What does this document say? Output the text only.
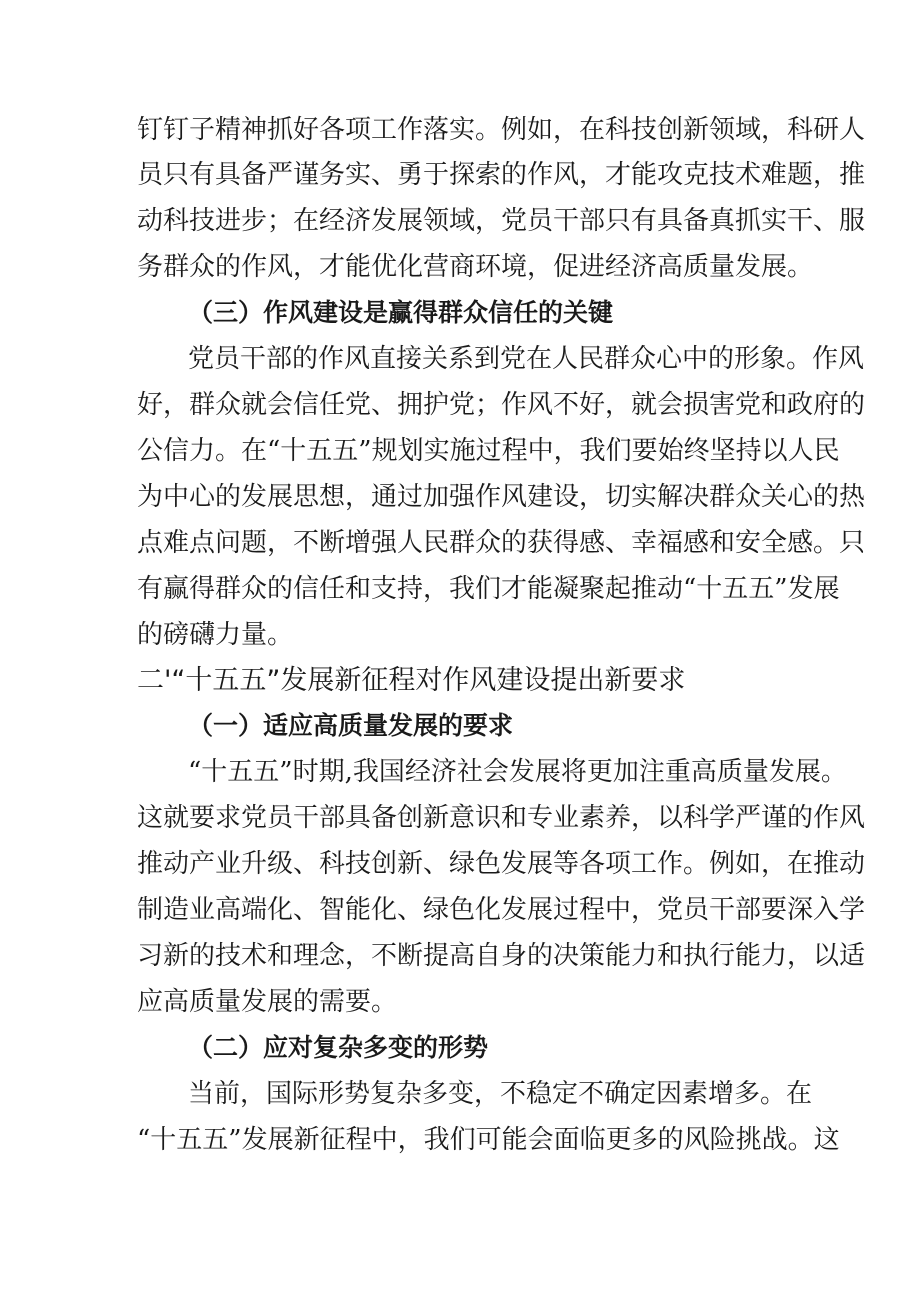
钉钉子精神抓好各项工作落实。例如，在科技创新领域，科研人
员只有具备严谨务实、勇于探索的作风，才能攻克技术难题，推
动科技进步；在经济发展领域，党员干部只有具备真抓实干、服
务群众的作风，才能优化营商环境，促进经济高质量发展。
（三）作风建设是赢得群众信任的关键
党员干部的作风直接关系到党在人民群众心中的形象。作风
好，群众就会信任党、拥护党；作风不好，就会损害党和政府的
公信力。在“十五五”规划实施过程中，我们要始终坚持以人民
为中心的发展思想，通过加强作风建设，切实解决群众关心的热
点难点问题，不断增强人民群众的获得感、幸福感和安全感。只
有赢得群众的信任和支持，我们才能凝聚起推动“十五五”发展
的磅礴力量。
二'“十五五”发展新征程对作风建设提出新要求
（一）适应高质量发展的要求
“十五五”时期,我国经济社会发展将更加注重高质量发展。
这就要求党员干部具备创新意识和专业素养，以科学严谨的作风
推动产业升级、科技创新、绿色发展等各项工作。例如，在推动
制造业高端化、智能化、绿色化发展过程中，党员干部要深入学
习新的技术和理念，不断提高自身的决策能力和执行能力，以适
应高质量发展的需要。
（二）应对复杂多变的形势
当前，国际形势复杂多变，不稳定不确定因素增多。在
“十五五”发展新征程中，我们可能会面临更多的风险挑战。这
